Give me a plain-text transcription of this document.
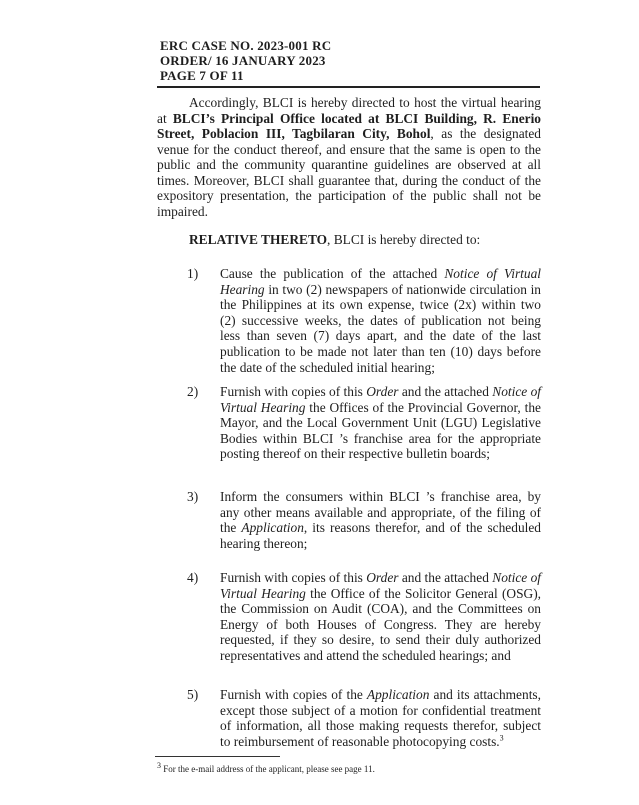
ERC CASE NO. 2023-001 RC
ORDER/ 16 JANUARY 2023
PAGE 7 OF 11

Accordingly, BLCI is hereby directed to host the virtual hearing at BLCI’s Principal Office located at BLCI Building, R. Enerio Street, Poblacion III, Tagbilaran City, Bohol, as the designated venue for the conduct thereof, and ensure that the same is open to the public and the community quarantine guidelines are observed at all times. Moreover, BLCI shall guarantee that, during the conduct of the expository presentation, the participation of the public shall not be impaired.

RELATIVE THERETO, BLCI is hereby directed to:

1) Cause the publication of the attached Notice of Virtual Hearing in two (2) newspapers of nationwide circulation in the Philippines at its own expense, twice (2x) within two (2) successive weeks, the dates of publication not being less than seven (7) days apart, and the date of the last publication to be made not later than ten (10) days before the date of the scheduled initial hearing;

2) Furnish with copies of this Order and the attached Notice of Virtual Hearing the Offices of the Provincial Governor, the Mayor, and the Local Government Unit (LGU) Legislative Bodies within BLCI ’s franchise area for the appropriate posting thereof on their respective bulletin boards;

3) Inform the consumers within BLCI ’s franchise area, by any other means available and appropriate, of the filing of the Application, its reasons therefor, and of the scheduled hearing thereon;

4) Furnish with copies of this Order and the attached Notice of Virtual Hearing the Office of the Solicitor General (OSG), the Commission on Audit (COA), and the Committees on Energy of both Houses of Congress. They are hereby requested, if they so desire, to send their duly authorized representatives and attend the scheduled hearings; and

5) Furnish with copies of the Application and its attachments, except those subject of a motion for confidential treatment of information, all those making requests therefor, subject to reimbursement of reasonable photocopying costs.$^3$

$^3$ For the e-mail address of the applicant, please see page 11.
